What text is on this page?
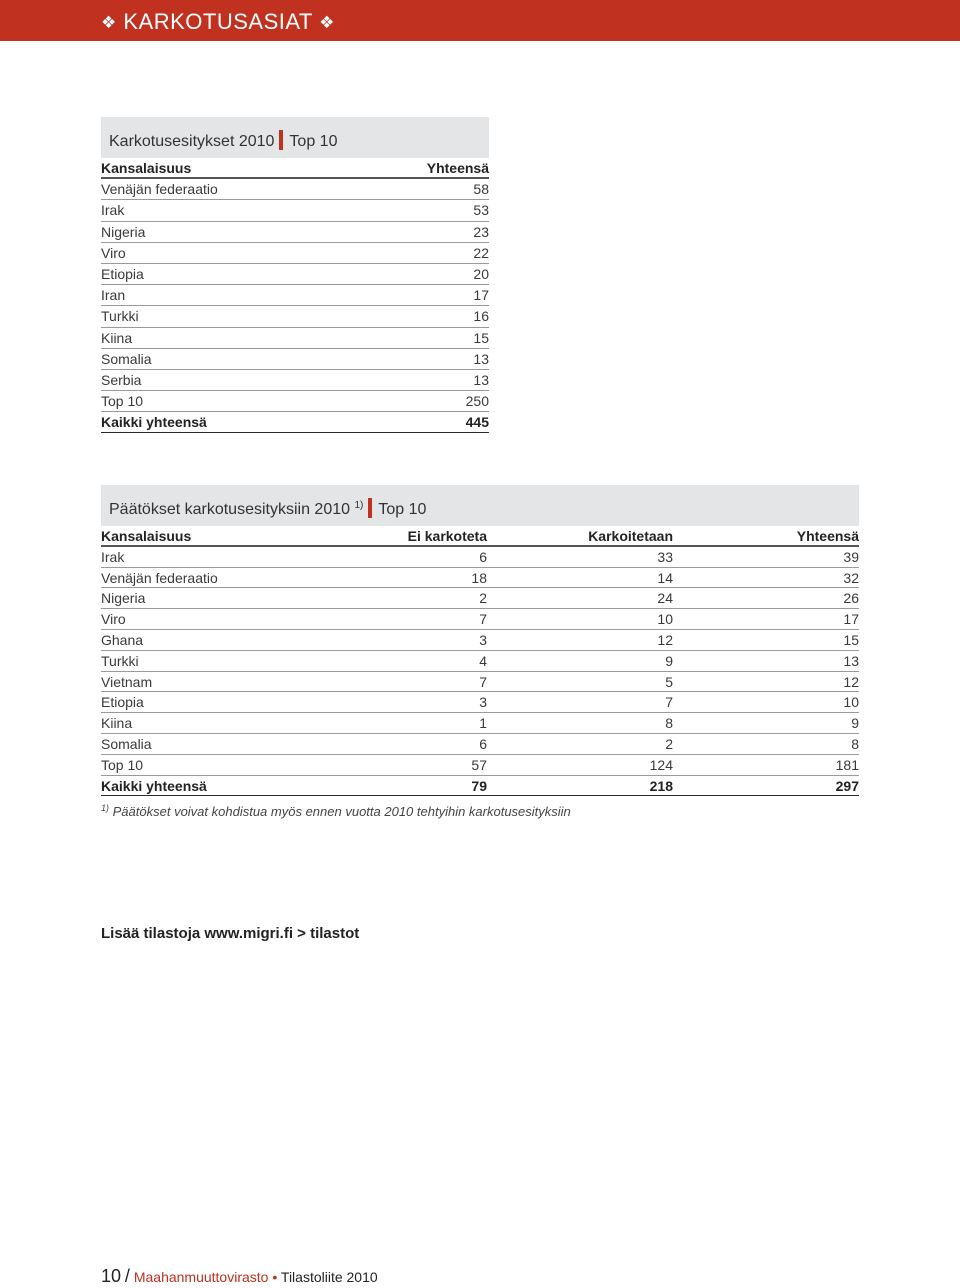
❖ KARKOTUSASIAT ❖
Karkotusesitykset 2010 Top 10
Kansalaisuus	Yhteensä
Venäjän federaatio	58
Irak	53
Nigeria	23
Viro	22
Etiopia	20
Iran	17
Turkki	16
Kiina	15
Somalia	13
Serbia	13
Top 10	250
Kaikki yhteensä	445
Päätökset karkotusesityksiin 2010 $^{1)}$ Top 10
Kansalaisuus	Ei karkoteta	Karkoitetaan	Yhteensä
Irak	6	33	39
Venäjän federaatio	18	14	32
Nigeria	2	24	26
Viro	7	10	17
Ghana	3	12	15
Turkki	4	9	13
Vietnam	7	5	12
Etiopia	3	7	10
Kiina	1	8	9
Somalia	6	2	8
Top 10	57	124	181
Kaikki yhteensä	79	218	297
$^{1)}$ Päätökset voivat kohdistua myös ennen vuotta 2010 tehtyihin karkotusesityksiin
Lisää tilastoja www.migri.fi > tilastot
10 / Maahanmuuttovirasto • Tilastoliite 2010
